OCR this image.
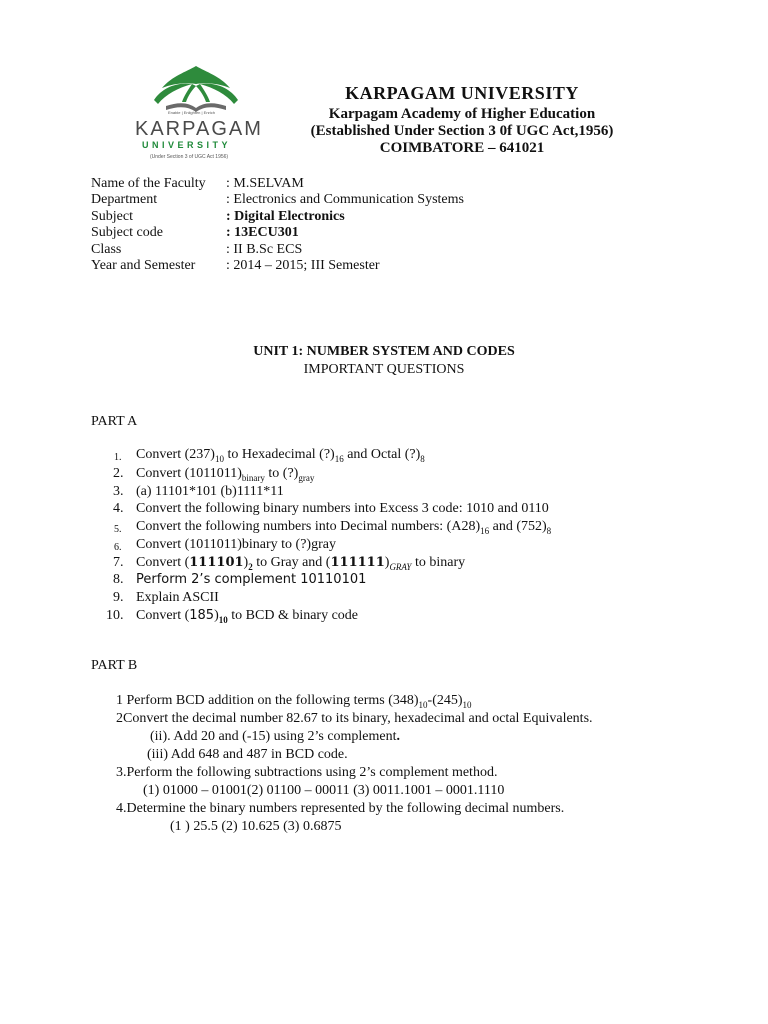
Enable | Enlighten | Enrich
KARPAGAM
UNIVERSITY
(Under Section 3 of UGC Act 1956)
KARPAGAM UNIVERSITY
Karpagam Academy of Higher Education
(Established Under Section 3 0f UGC Act,1956)
COIMBATORE – 641021
Name of the Faculty : M.SELVAM
Department	: Electronics and Communication Systems
Subject	: Digital Electronics
Subject code	: 13ECU301
Class	: II B.Sc ECS
Year and Semester : 2014 – 2015; III Semester
UNIT 1: NUMBER SYSTEM AND CODES
IMPORTANT QUESTIONS
PART A
1. Convert $(237)_{10}$ to Hexadecimal $(?)_{16}$ and Octal $(?)_8$
2. Convert $(1011011)_{binary}$ to $(?)_{gray}$
3. (a) 11101*101 (b)1111*11
4. Convert the following binary numbers into Excess 3 code: 1010 and 0110
5. Convert the following numbers into Decimal numbers: $(A28)_{16}$ and $(752)_8$
6. Convert (1011011)binary to (?)gray
7. Convert $(111101)_2$ to Gray and $(111111)_{GRAY}$ to binary
8. Perform 2’s complement 10110101
9. Explain ASCII
10. Convert $(185)_{10}$ to BCD & binary code
PART B
1 Perform BCD addition on the following terms $(348)_{10}-(245)_{10}$
2Convert the decimal number 82.67 to its binary, hexadecimal and octal Equivalents.
(ii). Add 20 and (-15) using 2’s complement.
(iii) Add 648 and 487 in BCD code.
3.Perform the following subtractions using 2’s complement method.
(1) 01000 – 01001(2) 01100 – 00011 (3) 0011.1001 – 0001.1110
4.Determine the binary numbers represented by the following decimal numbers.
(1 ) 25.5 (2) 10.625 (3) 0.6875
